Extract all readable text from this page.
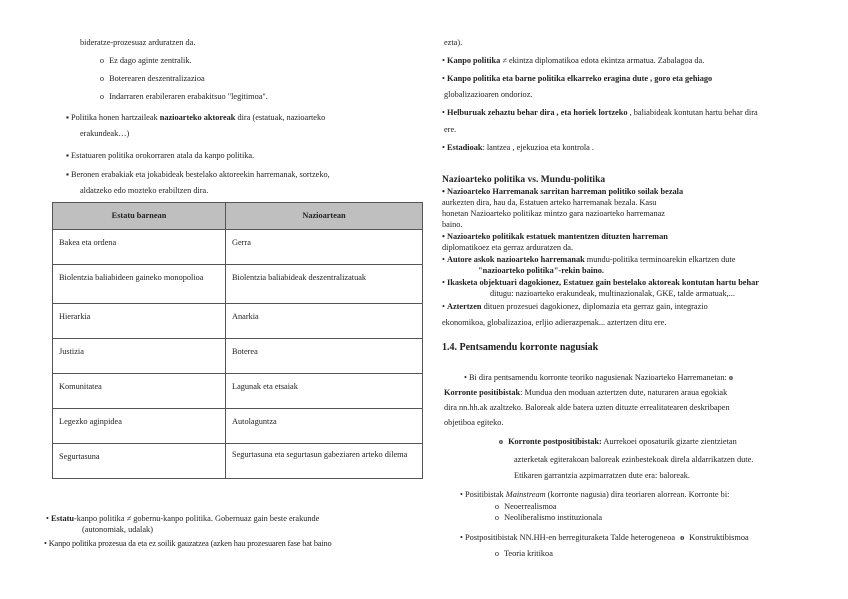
bideratze-prozesuaz arduratzen da.
o Ez dago aginte zentralik.
o Boterearen deszentralizazioa
o Indarraren erabileraren erabakitsuo "legitimoa".
▪ Politika honen hartzaileak nazioarteko aktoreak dira (estatuak, nazioarteko
erakundeak…)
▪ Estatuaren politika orokorraren atala da kanpo politika.
▪ Beronen erabakiak eta jokabideak bestelako aktoreekin harremanak, sortzeko,
aldatzeko edo mozteko erabiltzen dira.
Estatu barnean	Nazioartean
Bakea eta ordena	Gerra
Biolentzia baliabideen gaineko monopolioa	Biolentzia baliabideak deszentralizatuak
Hierarkia	Anarkia
Justizia	Boterea
Komunitatea	Lagunak eta etsaiak
Legezko aginpidea	Autolaguntza
Segurtasuna	Segurtasuna eta segurtasun gabeziaren arteko dilema
• Estatu-kanpo politika ≠ gobernu-kanpo politika. Gobernuaz gain beste erakunde
(autonomiak, udalak)
• Kanpo politika prozesua da eta ez soilik gauzatzea (azken hau prozesuaren fase bat baino
ezta).
• Kanpo politika ≠ ekintza diplomatikoa edota ekintza armatua. Zabalagoa da.
• Kanpo politika eta barne politika elkarreko eragina dute , goro eta gehiago
globalizazioaren ondorioz.
• Helburuak zehaztu behar dira , eta horiek lortzeko , baliabideak kontutan hartu behar dira
ere.
• Estadioak: lantzea , ejekuzioa eta kontrola .
Nazioarteko politika vs. Mundu-politika
• Nazioarteko Harremanak sarritan harreman politiko soilak bezala
aurkezten dira, hau da, Estatuen arteko harremanak bezala. Kasu
honetan Nazioarteko politikaz mintzo gara nazioarteko harremanaz
baino.
• Nazioarteko politikak estatuek mantentzen dituzten harreman
diplomatikoez eta gerraz arduratzen da.
• Autore askok nazioarteko harremanak mundu-politika terminoarekin elkartzen dute
"nazioarteko politika"-rekin baino.
• Ikasketa objektuari dagokionez, Estatuez gain bestelako aktoreak kontutan hartu behar
ditugu: nazioarteko erakundeak, multinazionalak, GKE, talde armatuak,...
• Aztertzen dituen prozesuei dagokionez, diplomazia eta gerraz gain, integrazio
ekonomikoa, globalizazioa, erljio adierazpenak... aztertzen ditu ere.
1.4. Pentsamendu korronte nagusiak
• Bi dira pentsamendu korronte teoriko nagusienak Nazioarteko Harremanetan: o
Korronte positibistak: Mundua den moduan aztertzen dute, naturaren araua egokiak
dira nn.hh.ak azaltzeko. Baloreak alde batera uzten dituzte errealitatearen deskribapen
objetiboa egiteko.
o Korronte postpositibistak: Aurrekoei oposaturik gizarte zientzietan
azterketak egiterakoan baloreak ezinbestekoak direla aldarrikatzen dute.
Etikaren garrantzia azpimarratzen dute era: baloreak.
• Positibistak Mainstream (korronte nagusia) dira teoriaren alorrean. Korronte bi:
o Neoerrealismoa
o Neoliberalismo instituzionala
• Postpositibistak NN.HH-en berregituraketa Talde heterogeneoa o Konstruktibismoa
o Teoria kritikoa
